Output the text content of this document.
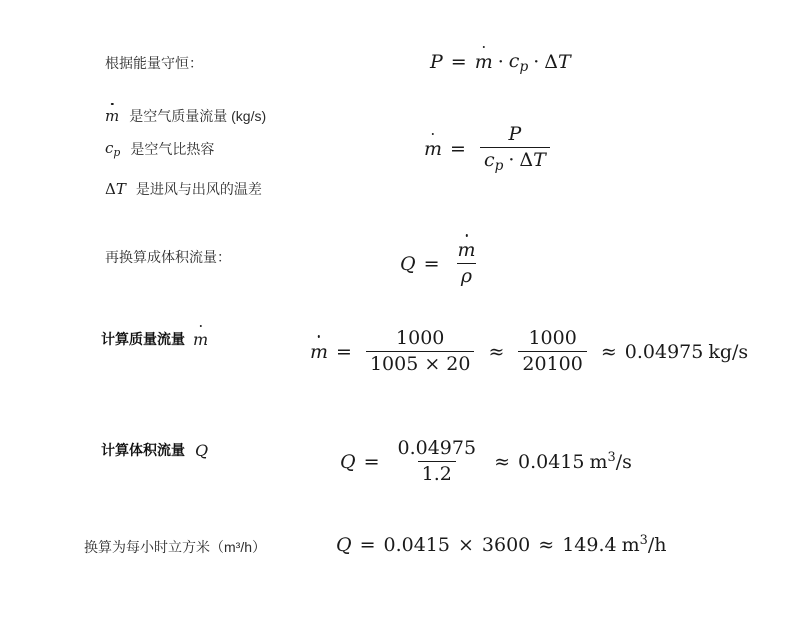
根据能量守恒：	$P = m \cdot c_p \cdot \Delta$ T
m 是空气质量流量 (kg/s)
$c_p$ 是空气比热容
ΔT 是进风与出风的温差
$m = \frac{P}{c_p \cdot \Delta T}$
再换算成体积流量：	$Q = \frac{m}{\rho}$
计算质量流量 m
$m = \frac{1000}{1005 \times 20} \approx \frac{1000}{20100} \approx 0.04975$ kg/s
计算体积流量 Q
$Q = \frac{0.04975}{1.2} \approx 0.0415$ $m^3/s$
换算为每小时立方米（m³/h）	Q = 0.0415 × 3600 ≈ 149.4 $m^3/h$
